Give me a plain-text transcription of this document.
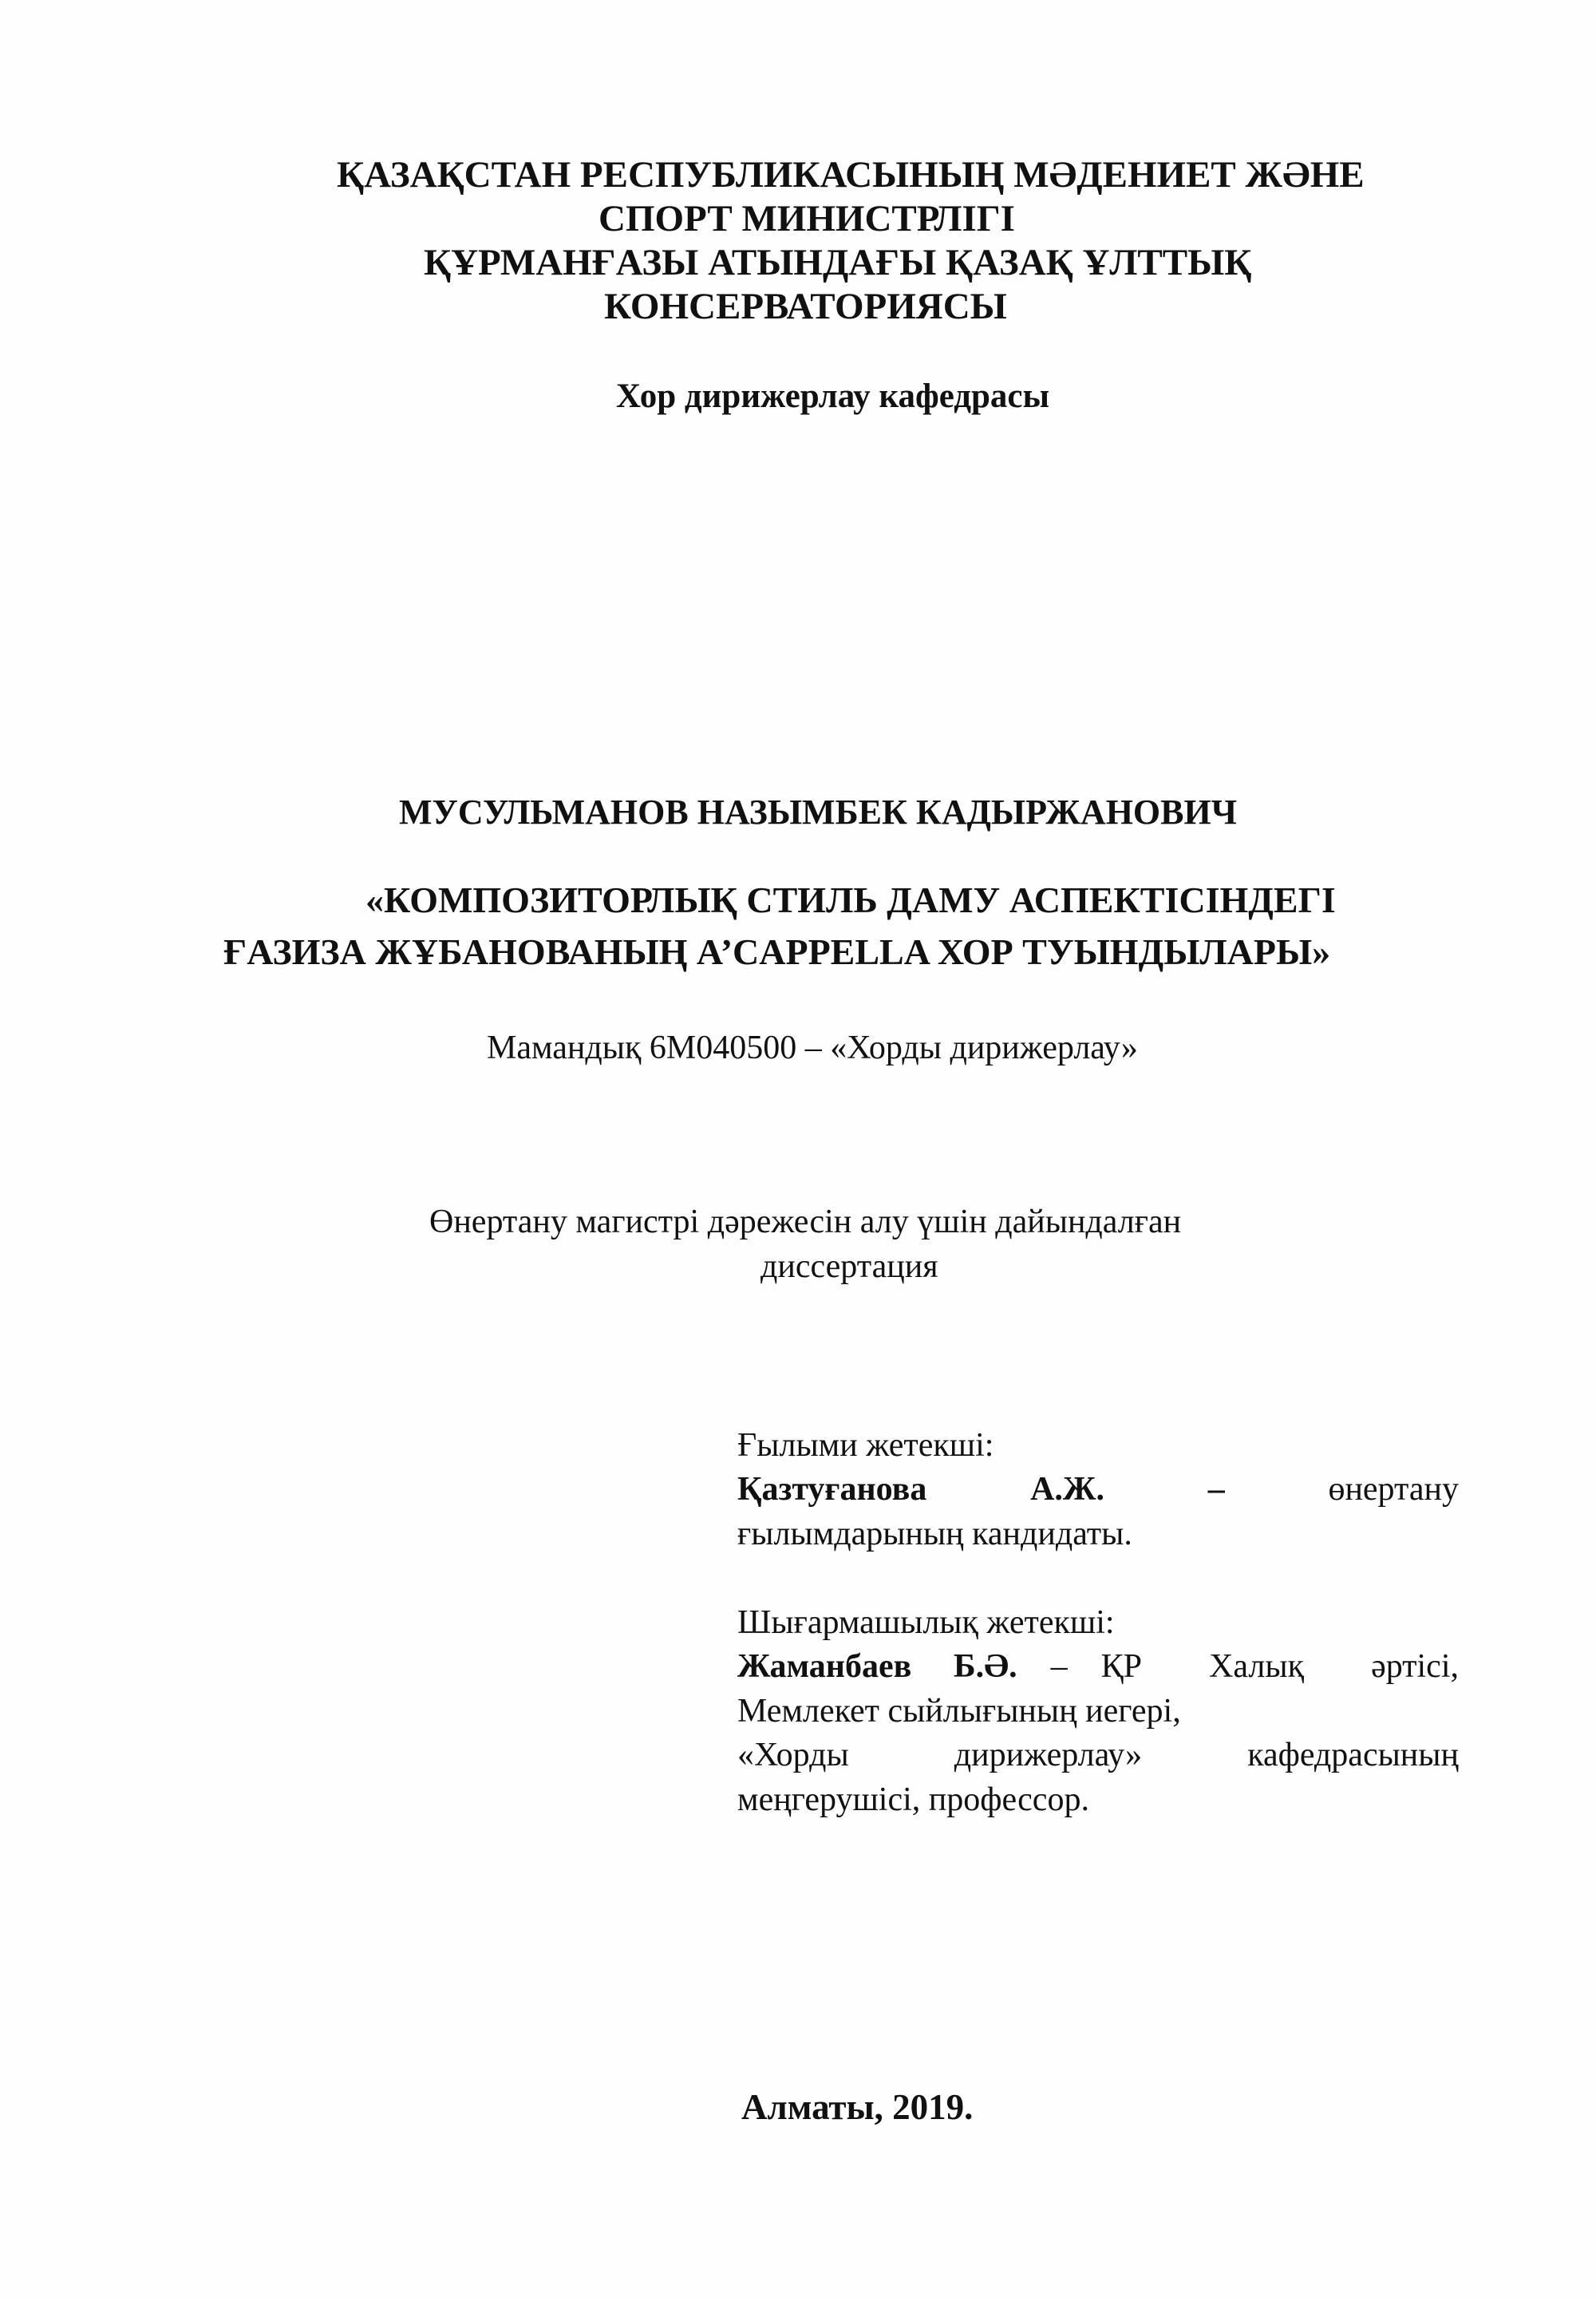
ҚАЗАҚСТАН РЕСПУБЛИКАСЫНЫҢ МӘДЕНИЕТ ЖӘНЕ
СПОРТ МИНИСТРЛІГІ
ҚҰРМАНҒАЗЫ АТЫНДАҒЫ ҚАЗАҚ ҰЛТТЫҚ
КОНСЕРВАТОРИЯСЫ
Хор дирижерлау кафедрасы
МУСУЛЬМАНОВ НАЗЫМБЕК КАДЫРЖАНОВИЧ
«КОМПОЗИТОРЛЫҚ СТИЛЬ ДАМУ АСПЕКТІСІНДЕГІ
ҒАЗИЗА ЖҰБАНОВАНЫҢ A’CAPPELLA ХОР ТУЫНДЫЛАРЫ»
Мамандық 6М040500 – «Хорды дирижерлау»
Өнертану магистрі дәрежесін алу үшін дайындалған
диссертация
Ғылыми жетекші:
Қазтуғанова	А.Ж.	–	өнертану
ғылымдарының кандидаты.
Шығармашылық жетекші:
Жаманбаев Б.Ә. – ҚР Халық әртісі,
Мемлекет сыйлығының иегері,
«Хорды	дирижерлау»	кафедрасының
меңгерушісі, профессор.
Алматы, 2019.
